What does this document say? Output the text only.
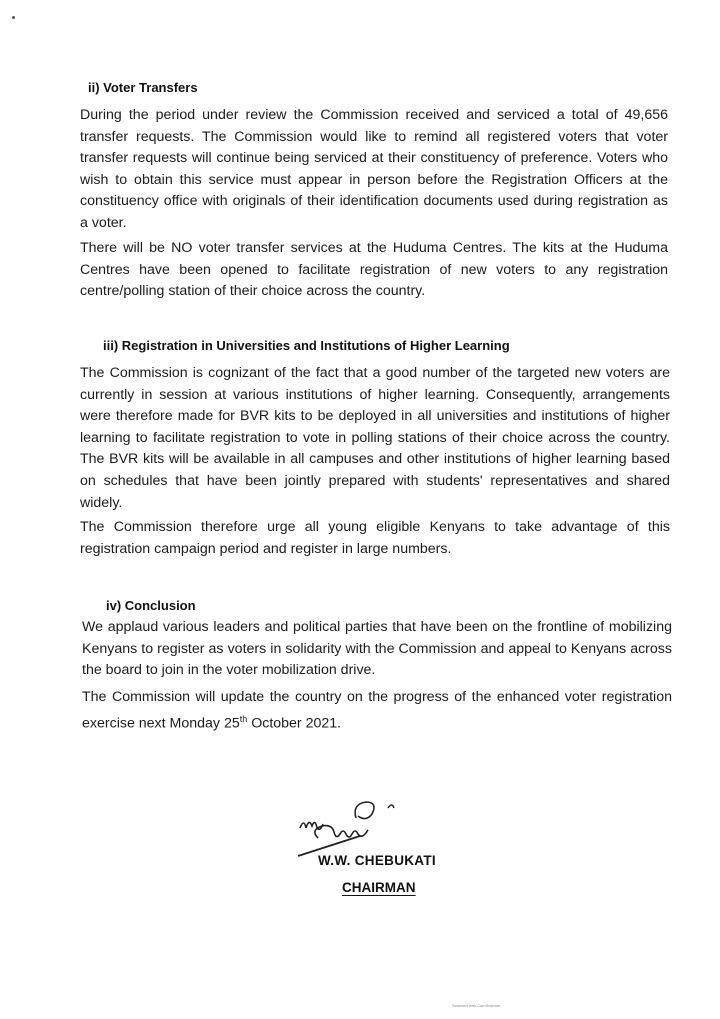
ii) Voter Transfers
During the period under review the Commission received and serviced a total of 49,656 transfer requests. The Commission would like to remind all registered voters that voter transfer requests will continue being serviced at their constituency of preference. Voters who wish to obtain this service must appear in person before the Registration Officers at the constituency office with originals of their identification documents used during registration as a voter.
There will be NO voter transfer services at the Huduma Centres. The kits at the Huduma Centres have been opened to facilitate registration of new voters to any registration centre/polling station of their choice across the country.
iii) Registration in Universities and Institutions of Higher Learning
The Commission is cognizant of the fact that a good number of the targeted new voters are currently in session at various institutions of higher learning. Consequently, arrangements were therefore made for BVR kits to be deployed in all universities and institutions of higher learning to facilitate registration to vote in polling stations of their choice across the country. The BVR kits will be available in all campuses and other institutions of higher learning based on schedules that have been jointly prepared with students' representatives and shared widely.
The Commission therefore urge all young eligible Kenyans to take advantage of this registration campaign period and register in large numbers.
iv) Conclusion
We applaud various leaders and political parties that have been on the frontline of mobilizing Kenyans to register as voters in solidarity with the Commission and appeal to Kenyans across the board to join in the voter mobilization drive.
The Commission will update the country on the progress of the enhanced voter registration exercise next Monday 25th October 2021.
W.W. CHEBUKATI
CHAIRMAN
Scanned with CamScanner
